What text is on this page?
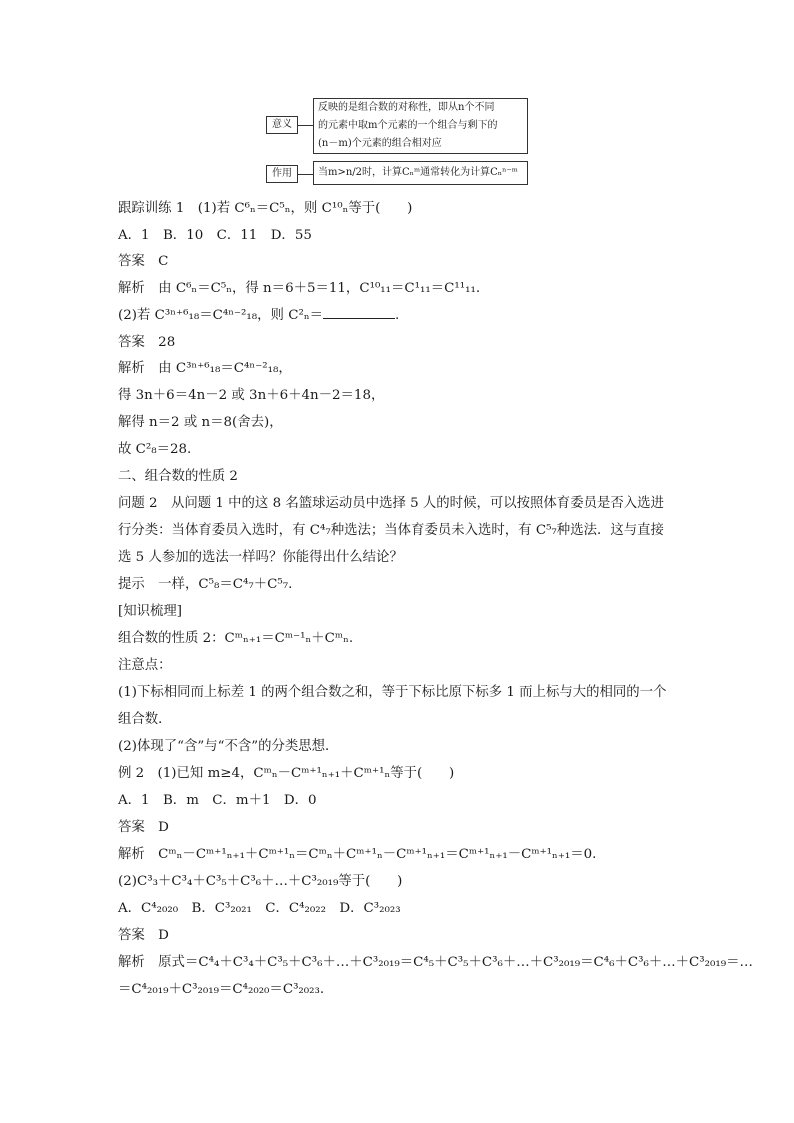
意义
反映的是组合数的对称性，即从n个不同
的元素中取m个元素的一个组合与剩下的
(n－m)个元素的组合相对应
作用	当m>n/2时，计算Cₙᵐ通常转化为计算Cₙⁿ⁻ᵐ
跟踪训练 1　(1)若 C⁶ₙ＝C⁵ₙ，则 C¹⁰ₙ等于(　　)
A．1　B．10　C．11　D．55
答案　C
解析　由 C⁶ₙ＝C⁵ₙ，得 n＝6＋5＝11，C¹⁰₁₁＝C¹₁₁＝C¹¹₁₁.
(2)若 C³ⁿ⁺⁶₁₈＝C⁴ⁿ⁻²₁₈，则 C²ₙ＝	.
答案　28
解析　由 C³ⁿ⁺⁶₁₈＝C⁴ⁿ⁻²₁₈，
得 3n＋6＝4n－2 或 3n＋6＋4n－2＝18，
解得 n＝2 或 n＝8(舍去)，
故 C²₈＝28.
二、组合数的性质 2
问题 2　从问题 1 中的这 8 名篮球运动员中选择 5 人的时候，可以按照体育委员是否入选进
行分类：当体育委员入选时，有 C⁴₇种选法；当体育委员未入选时，有 C⁵₇种选法．这与直接
选 5 人参加的选法一样吗？你能得出什么结论？
提示　一样，C⁵₈＝C⁴₇＋C⁵₇.
[知识梳理]
组合数的性质 2：Cᵐₙ₊₁＝Cᵐ⁻¹ₙ＋Cᵐₙ.
注意点：
(1)下标相同而上标差 1 的两个组合数之和，等于下标比原下标多 1 而上标与大的相同的一个
组合数．
(2)体现了“含”与“不含”的分类思想．
例 2　(1)已知 m≥4，Cᵐₙ－Cᵐ⁺¹ₙ₊₁＋Cᵐ⁺¹ₙ等于(　　)
A．1　B．m　C．m＋1　D．0
答案　D
解析　Cᵐₙ－Cᵐ⁺¹ₙ₊₁＋Cᵐ⁺¹ₙ＝Cᵐₙ＋Cᵐ⁺¹ₙ－Cᵐ⁺¹ₙ₊₁＝Cᵐ⁺¹ₙ₊₁－Cᵐ⁺¹ₙ₊₁＝0.
(2)C³₃＋C³₄＋C³₅＋C³₆＋…＋C³₂₀₁₉等于(　　)
A．C⁴₂₀₂₀　B．C³₂₀₂₁　C．C⁴₂₀₂₂　D．C³₂₀₂₃
答案　D
解析　原式＝C⁴₄＋C³₄＋C³₅＋C³₆＋…＋C³₂₀₁₉＝C⁴₅＋C³₅＋C³₆＋…＋C³₂₀₁₉＝C⁴₆＋C³₆＋…＋C³₂₀₁₉＝…
＝C⁴₂₀₁₉＋C³₂₀₁₉＝C⁴₂₀₂₀＝C³₂₀₂₃.
